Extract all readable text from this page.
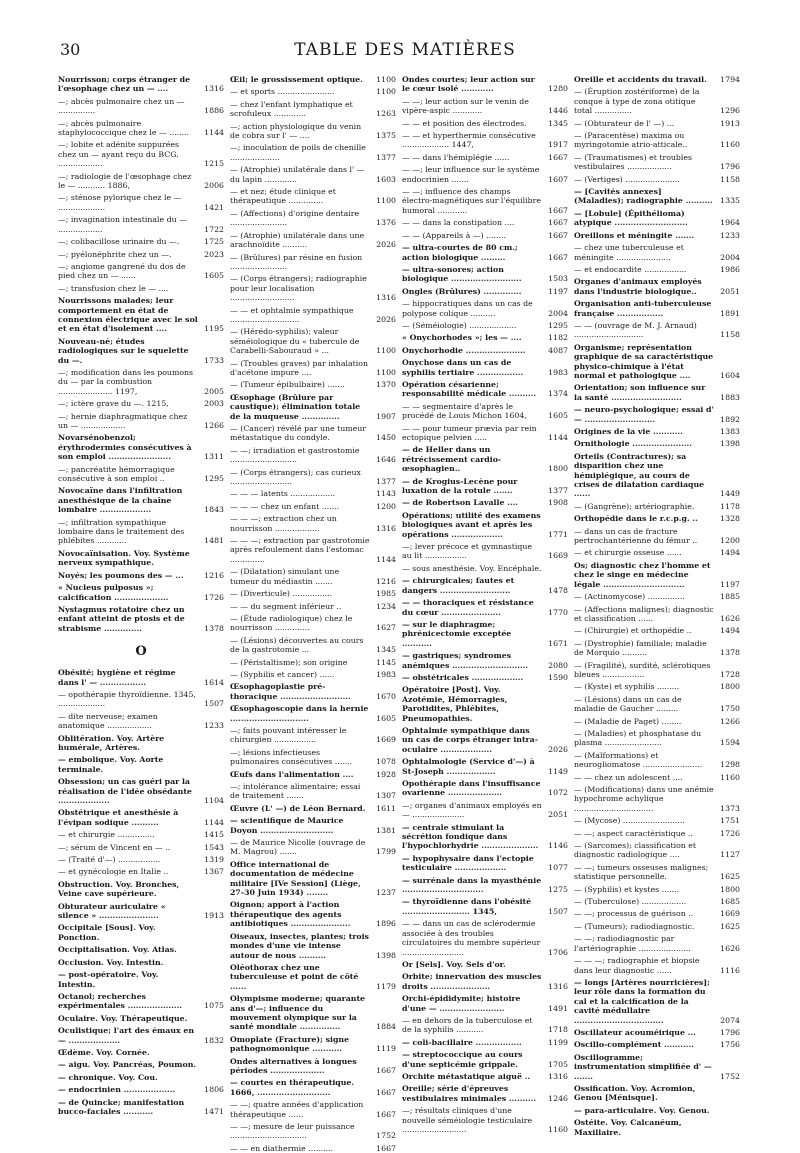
30	TABLE DES MATIÈRES
Nourrisson; corps étranger de l'œsophage chez un — ....	1316
—; abcès pulmonaire chez un — ...............	1886
—; abcès pulmonaire staphylococcique chez le — ........	1144
—; lobite et adénite suppurées chez un — ayant reçu du BCG. ..................	1215
—; radiologie de l'œsophage chez le — ........... 1886,	2006
—; sténose pylorique chez le — ...................	1421
—; invagination intestinale du — ..................	1722
—; colibacillose urinaire du —.	1725
—; pyélonéphrite chez un —.	2023
—; angiome gangrené du dos de pied chez un — ......	1605
—; transfusion chez le — ....
Nourrissons malades; leur comportement en état de connexion électrique avec le sol et en état d'isolement ....	1195
Nouveau-né; études radiologiques sur le squelette du —.	1733
—; modification dans les poumons du — par la combustion ...................... 1197,	2005
—; ictère grave du —. 1215,	2003
—; hernie diaphragmatique chez un — ..................	1266
Novarsénobenzol; érythrodermies consécutives à son emploi .......................	1311
—; pancréatite hémorragique consécutive à son emploi ..	1295
Novocaïne dans l'infiltration anesthésique de la chaîne lombaire ...................	1843
—; infiltration sympathique lombaire dans le traitement des phlébites ............	1481
Novocaïnisation. Voy. Système nerveux sympathique.
Noyés; les poumons des — ...	1216
« Nucleus pulposus »; calcification ....................	1726
Nystagmus rotatoire chez un enfant atteint de ptosis et de strabisme ..............	1378
O
Obésité; hygiène et régime dans l' — .................	1614
— opothérapie thyroïdienne. 1345, ...................	1507
— dite nerveuse; examen anatomique ..................	1233
Oblitération. Voy. Artère humérale, Artères.
— embolique. Voy. Aorte terminale.
Obsession; un cas guéri par la réalisation de l'idée obsédante ...................	1104
Obstétrique et anesthésie à l'évipan sodique ..........	1144
— et chirurgie ...............	1415
—; sérum de Vincent en — ..	1543
— (Traité d'—) .................	1319
— et gynécologie en Italie ..	1367
Obstruction. Voy. Bronches, Veine cave supérieure.
Obturateur auriculaire « silence » ......................	1913
Occipitale [Sous]. Voy. Ponction.
Occipitalisation. Voy. Atlas.
Occlusion. Voy. Intestin.
— post-opératoire. Voy. Intestin.
Octanol; recherches expérimentales ....................	1075
Oculaire. Voy. Thérapeutique.
Oculistique; l'art des émaux en — ...................	1832
Œdème. Voy. Cornée.
— aigu. Voy. Pancréas, Poumon.
— chronique. Voy. Cou.
— endocrinien ...................	1806
— de Quincke; manifestation bucco-faciales ...........	1471
Œil; le grossissement optique.	1100
— et sports .......................	1100
— chez l'enfant lymphatique et scrofuleux .............	1263
—; action physiologique du venin de cobra sur l' — ....	1375
—; inoculation de poils de chenille ....................	1377
— (Atrophie) unilatérale dans l' — du lapin .............	1603
— et nez; étude clinique et thérapeutique ..............	1100
— (Affections) d'origine dentaire .......................	1376
— (Atrophie) unilatérale dans une arachnoïdite ..........	2026
— (Brûlures) par résine en fusion .......................
— (Corps étrangers); radiographie pour leur localisation ..........................	1316
— — et ophtalmie sympathique ............................	2026
— (Hérédo-syphilis); valeur séméiologique du « tubercule de Carabelli-Sabouraud » ...	1100
— (Troubles graves) par inhalation d'acétone impure ....	1100
— (Tumeur épibulbaire) .......	1370
Œsophage (Brûlure par caustique); élimination totale de la muqueuse ..............	1907
— (Cancer) révélé par une tumeur métastatique du condyle.	1450
— —; irradiation et gastrostomie ...........................	1646
— (Corps étrangers); cas curieux .........................	1377
— — — latents ..................	1143
— — — chez un enfant .......	1200
— — —; extraction chez un nourrisson ..................	1316
— — —; extraction par gastrotomie après refoulement dans l'estomac ..............	1144
— (Dilatation) simulant une tumeur du médiastin .......	1216
— (Diverticule) ................	1985
— — du segment inférieur ..	1234
— (Étude radiologique) chez le nourrisson ..............	1627
— (Lésions) découvertes au cours de la gastrotomie ...	1345
— (Péristaltisme); son origine	1145
— (Syphilis et cancer) ......	1983
Œsophagoplastie pré-thoracique ..........................	1670
Œsophagoscopie dans la hernie .............................	1605
—; faits pouvant intéresser le chirurgien .................	1669
—; lésions infectieuses pulmonaires consécutives .......	1078
Œufs dans l'alimentation ....	1928
—; intolérance alimentaire; essai de traitement .......	1307
Œuvre (L' —) de Léon Bernard.	1611
— scientifique de Maurice Doyon ...........................	1381
— de Maurice Nicolle (ouvrage de M. Magrou) .......	1799
Office international de documentation de médecine militaire [IVe Session] (Liège, 27-30 Juin 1934) ........	1237
Oignon; apport à l'action thérapeutique des agents antibiotiques ......................	1896
Oiseaux, insectes, plantes; trois mondes d'une vie intense autour de nous ..........	1398
Oléothorax chez une tuberculeuse et point de côté ......	1179
Olympisme moderne; quarante ans d'—; influence du mouvement olympique sur la santé mondiale ...............	1884
Omoplate (Fracture); signe pathognomonique ...........	1119
Ondes alternatives à longues périodes ....................	1667
— courtes en thérapeutique. 1666, ...........................	1667
— —; quatre années d'application thérapeutique ......	1667
— —; mesure de leur puissance ...............................	1752
— — en diathermie ..........	1667
Ondes courtes; leur action sur le cœur isolé ............	1280
— —; leur action sur le venin de vipère-aspic ............	1446
— — et position des électrodes.	1345
— — et hyperthermie consécutive ................... 1447,	1917
— — dans l'hémiplégie ......	1667
— —; leur influence sur le système endocrinien .......	1607
— —; influence des champs électro-magnétiques sur l'équilibre humoral ............	1667
— — dans la constipation ....	1667
— — (Appareils à —) ........	1667
— ultra-courtes de 80 cm.; action biologique .........	1667
— ultra-sonores; action biologique ..........................	1503
Ongles (Brûlures) ..............	1197
— hippocratiques dans un cas de polypose colique ..........	2004
— (Séméiologie) ...................	1295
« Onychorhodes »; les — ....	1182
Onychorhodie ......................	4087
Onychose dans un cas de syphilis tertiaire .................	1983
Opération césarienne; responsabilité médicale ..........	1374
— — segmentaire d'après le procédé de Louis Michon 1604,	1605
— — pour tumeur prævia par rein ectopique pelvien .....	1144
— de Heller dans un rétrécissement cardio-œsophagien..	1800
— de Krogius-Lecène pour luxation de la rotule .......	1377
— de Robertson Lavalle ....	1908
Opérations; utilité des examens biologiques avant et après les opérations ...................	1771
—; lever précoce et gymnastique au lit .................	1669
— sous anesthésie. Voy. Encéphale.
— chirurgicales; fautes et dangers ..........................	1478
— — thoraciques et résistance du cœur ......................	1770
— sur le diaphragme; phrénicectomie exceptée ...........	1671
— gastriques; syndromes anémiques ............................	2080
— obstétricales ...................	1590
Opératoire [Post]. Voy. Azotémie, Hémorragies, Parotidites, Phlébites, Pneumopathies.
Ophtalmie sympathique dans un cas de corps étranger intra-oculaire ...................	2026
Ophtalmologie (Service d'—) à St-Joseph ..................	1149
Opothérapie dans l'insuffisance ovarienne ....................	1072
—; organes d'animaux employés en — .....................	2051
— centrale stimulant la sécrétion fondique dans l'hypochlorhydrie .....................	1146
— hypophysaire dans l'ectopie testiculaire ...................	1077
— surrénale dans la myasthénie ..............................	1275
— thyroïdienne dans l'obésité ......................... 1345,	1507
— — dans un cas de sclérodermie associée à des troubles circulatoires du membre supérieur .........................	1706
Or [Sels]. Voy. Sels d'or.
Orbite; innervation des muscles droits ......................	1316
Orchi-épididymite; histoire d'une — ........................	1491
— en dehors de la tuberculose et de la syphilis ...........	1718
— coli-bacillaire .................	1199
— streptococcique au cours d'une septicémie grippale.	1705
Orchite métastatique aiguë ..	1316
Oreille; série d'épreuves vestibulaires minimales ..........	1246
—; résultats cliniques d'une nouvelle séméiologie testiculaire ..........................	1160
Oreille et accidents du travail.	1794
— (Éruption zostériforme) de la conque à type de zona otitique total ...............	1296
— (Obturateur de l' —) ...	1913
— (Paracentèse) maxima ou myringotomie atrio-atticale..	1160
— (Traumatismes) et troubles vestibulaires ..................	1796
— (Vertiges) ......................	1158
— [Cavités annexes] (Maladies); radiographie .......... 1335
— [Lobule] (Épithélioma) atypique ...........................	1964
Oreillons et méningite .......	1233
— chez une tuberculeuse et méningite ......................	2004
— et endocardite .................	1986
Organes d'animaux employés dans l'industrie biologique..	2051
Organisation anti-tuberculeuse française .................	1891
— — (ouvrage de M. J. Arnaud) ............................	1158
Organisme; représentation graphique de sa caractéristique physico-chimique à l'état normal et pathologique ....	1604
Orientation; son influence sur la santé ..........................	1883
— neuro-psychologique; essai d' — ..........................	1892
Origines de la vie ...........	1383
Ornithologie ......................	1398
Orteils (Contractures); sa disparition chez une hémiplégique, au cours de crises de dilatation cardiaque ......	1449
— (Gangrène); artériographie.	1178
Orthopédie dans le r.c.p.g. ..	1328
— dans un cas de fracture pertrochantérienne du fémur ..	1200
— et chirurgie osseuse ......	1494
Os; diagnostic chez l'homme et chez le singe en médecine légale ..............................	1197
— (Actinomycose) ...............	1885
— (Affections malignes); diagnostic et classification ......	1626
— (Chirurgie) et orthopédie ..	1494
— (Dystrophie) familiale; maladie de Morquio ..........	1378
— (Fragilité), surdité, sclérotiques bleues .................	1728
— (Kyste) et syphilis .........	1800
— (Lésions) dans un cas de maladie de Gaucher .........	1750
— (Maladie de Paget) ........	1266
— (Maladies) et phosphatase du plasma .......................	1594
— (Malformations) et neurogliomatose ........................	1298
— — chez un adolescent ....	1160
— (Modifications) dans une anémie hypochrome achylique ................................	1373
— (Mycose) .........................	1751
— —; aspect caractéristique ..	1726
— (Sarcomes); classification et diagnostic radiologique ....	1127
— —; tumeurs osseuses malignes; statistique personnelle.	1625
— (Syphilis) et kystes .......	1800
— (Tuberculose) ..................	1685
— —; processus de guérison ..	1669
— (Tumeurs); radiodiagnostic.	1625
— —; radiodiagnostic par l'artériographie .....................	1626
— — —; radiographie et biopsie dans leur diagnostic ......	1116
— longs [Artères nourricières]; leur rôle dans la formation du cal et la calcification de la cavité médullaire .................................	2074
Oscillateur acouméirique ...	1796
Oscillo-complément ...........	1756
Oscillogramme; instrumentation simplifiée d' — .......	1752
Ossification. Voy. Acromion, Genou [Ménisque].
— para-articulaire. Voy. Genou.
Ostéite. Voy. Calcanéum, Maxillaire.
